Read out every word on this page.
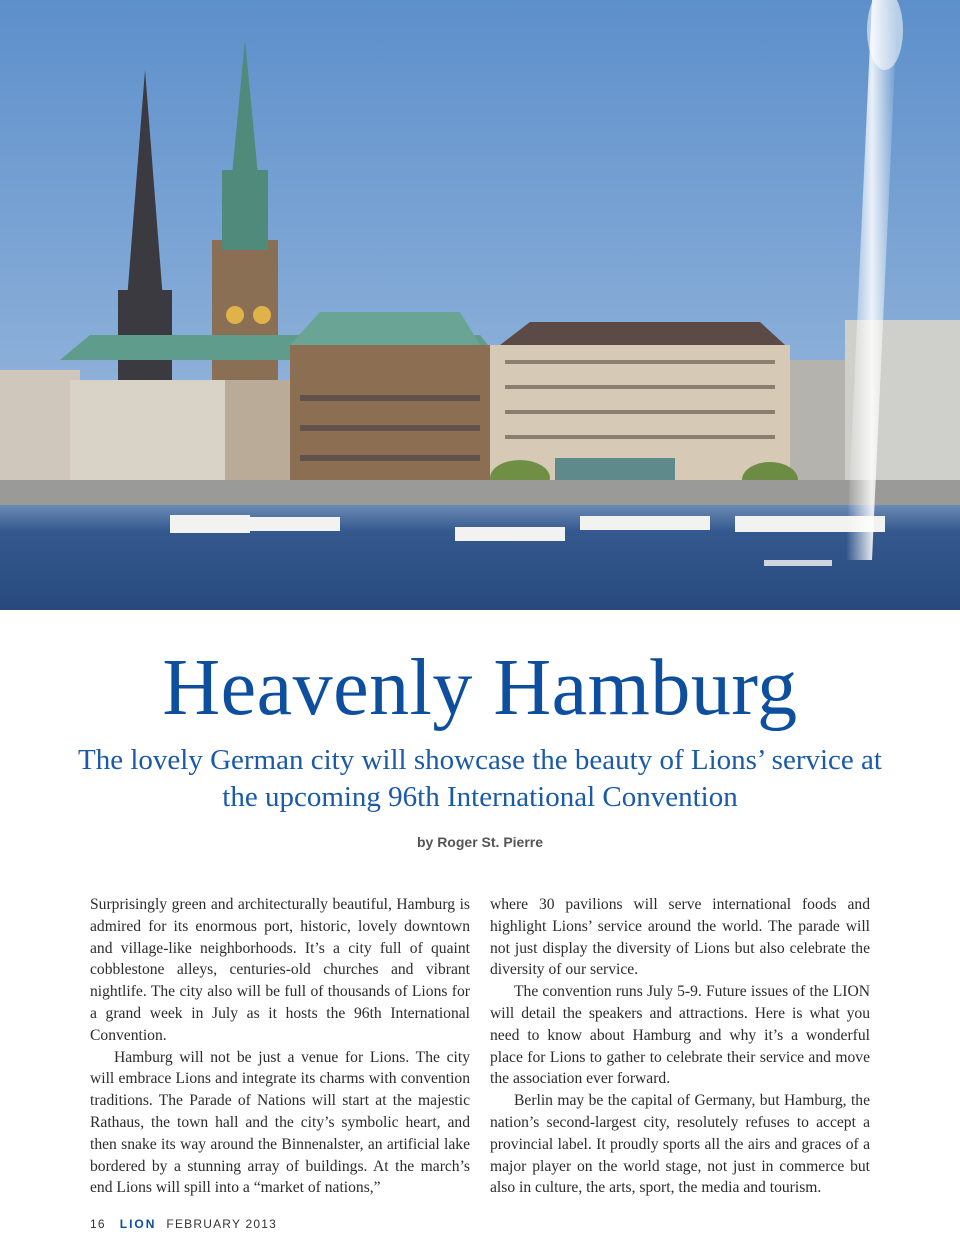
Heavenly Hamburg
The lovely German city will showcase the beauty of Lions’ service at the upcoming 96th International Convention
by Roger St. Pierre

Surprisingly green and architecturally beautiful, Hamburg is admired for its enormous port, historic, lovely downtown and village-like neighborhoods. It’s a city full of quaint cobblestone alleys, centuries-old churches and vibrant nightlife. The city also will be full of thousands of Lions for a grand week in July as it hosts the 96th International Convention.

Hamburg will not be just a venue for Lions. The city will embrace Lions and integrate its charms with convention traditions. The Parade of Nations will start at the majestic Rathaus, the town hall and the city’s symbolic heart, and then snake its way around the Binnenalster, an artificial lake bordered by a stunning array of buildings. At the march’s end Lions will spill into a “market of nations,”

where 30 pavilions will serve international foods and highlight Lions’ service around the world. The parade will not just display the diversity of Lions but also celebrate the diversity of our service.

The convention runs July 5-9. Future issues of the LION will detail the speakers and attractions. Here is what you need to know about Hamburg and why it’s a wonderful place for Lions to gather to celebrate their service and move the association ever forward.

Berlin may be the capital of Germany, but Hamburg, the nation’s second-largest city, resolutely refuses to accept a provincial label. It proudly sports all the airs and graces of a major player on the world stage, not just in commerce but also in culture, the arts, sport, the media and tourism.

16 LION FEBRUARY 2013
